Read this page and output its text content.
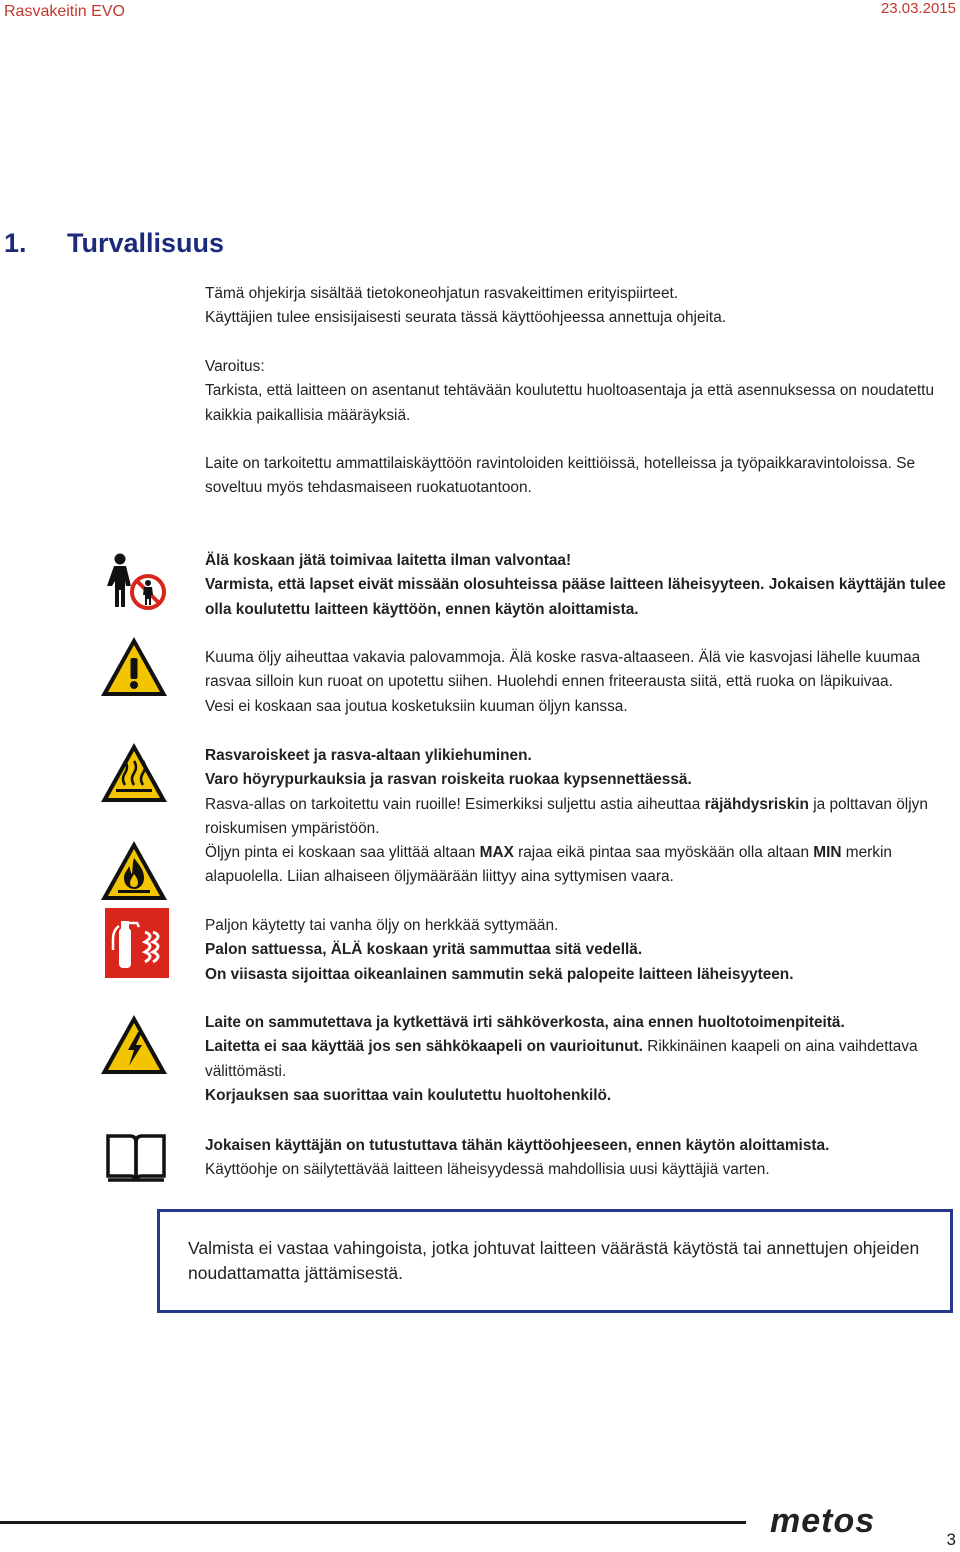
Rasvakeitin EVO	23.03.2015
1. Turvallisuus

Tämä ohjekirja sisältää tietokoneohjatun rasvakeittimen erityispiirteet.

Käyttäjien tulee ensisijaisesti seurata tässä käyttöohjeessa annettuja ohjeita.

Varoitus:

Tarkista, että laitteen on asentanut tehtävään koulutettu huoltoasentaja ja että asennuksessa on noudatettu kaikkia paikallisia määräyksiä.

Laite on tarkoitettu ammattilaiskäyttöön ravintoloiden keittiöissä, hotelleissa ja työpaikkaravintoloissa. Se soveltuu myös tehdasmaiseen ruokatuotantoon.

Älä koskaan jätä toimivaa laitetta ilman valvontaa!

Varmista, että lapset eivät missään olosuhteissa pääse laitteen läheisyyteen. Jokaisen käyttäjän tulee olla koulutettu laitteen käyttöön, ennen käytön aloittamista.

Kuuma öljy aiheuttaa vakavia palovammoja. Älä koske rasva-altaaseen. Älä vie kasvojasi lähelle kuumaa rasvaa silloin kun ruoat on upotettu siihen. Huolehdi ennen friteerausta siitä, että ruoka on läpikuivaa.

Vesi ei koskaan saa joutua kosketuksiin kuuman öljyn kanssa.

Rasvaroiskeet ja rasva-altaan ylikiehuminen.

Varo höyrypurkauksia ja rasvan roiskeita ruokaa kypsennettäessä.

Rasva-allas on tarkoitettu vain ruoille! Esimerkiksi suljettu astia aiheuttaa räjähdysriskin ja polttavan öljyn roiskumisen ympäristöön.

Öljyn pinta ei koskaan saa ylittää altaan MAX rajaa eikä pintaa saa myöskään olla altaan MIN merkin alapuolella. Liian alhaiseen öljymäärään liittyy aina syttymisen vaara.

Paljon käytetty tai vanha öljy on herkkää syttymään.

Palon sattuessa, ÄLÄ koskaan yritä sammuttaa sitä vedellä.

On viisasta sijoittaa oikeanlainen sammutin sekä palopeite laitteen läheisyyteen.

Laite on sammutettava ja kytkettävä irti sähköverkosta, aina ennen huoltotoimenpiteitä.

Laitetta ei saa käyttää jos sen sähkökaapeli on vaurioitunut. Rikkinäinen kaapeli on aina vaihdettava välittömästi.

Korjauksen saa suorittaa vain koulutettu huoltohenkilö.

Jokaisen käyttäjän on tutustuttava tähän käyttöohjeeseen, ennen käytön aloittamista.

Käyttöohje on säilytettävää laitteen läheisyydessä mahdollisia uusi käyttäjiä varten.

Valmista ei vastaa vahingoista, jotka johtuvat laitteen väärästä käytöstä tai annettujen ohjeiden noudattamatta jättämisestä.
metos	3
